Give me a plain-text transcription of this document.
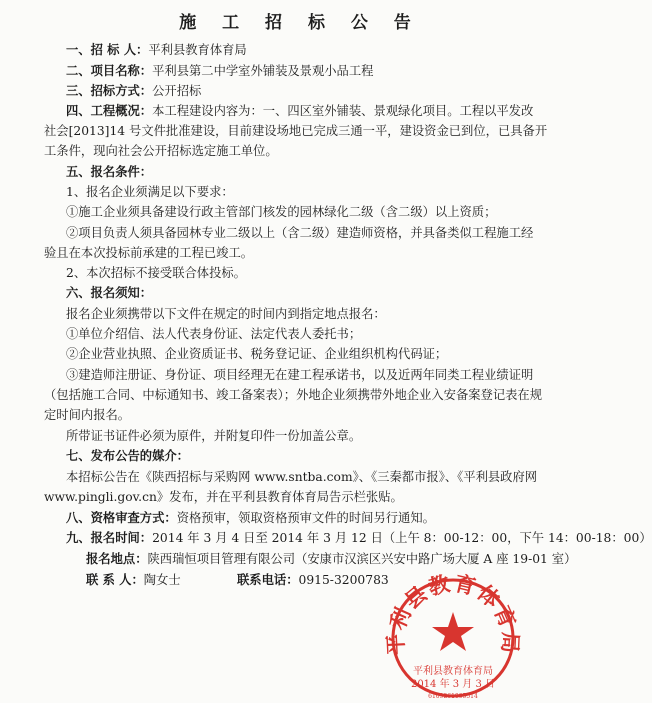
施 工 招 标 公 告
一、招 标 人：平利县教育体育局
二、项目名称：平利县第二中学室外铺装及景观小品工程
三、招标方式：公开招标
四、工程概况：本工程建设内容为：一、四区室外铺装、景观绿化项目。工程以平发改
社会[2013]14 号文件批准建设，目前建设场地已完成三通一平，建设资金已到位，已具备开
工条件，现向社会公开招标选定施工单位。
五、报名条件：
1、报名企业须满足以下要求：
①施工企业须具备建设行政主管部门核发的园林绿化二级（含二级）以上资质；
②项目负责人须具备园林专业二级以上（含二级）建造师资格，并具备类似工程施工经
验且在本次投标前承建的工程已竣工。
2、本次招标不接受联合体投标。
六、报名须知：
报名企业须携带以下文件在规定的时间内到指定地点报名：
①单位介绍信、法人代表身份证、法定代表人委托书；
②企业营业执照、企业资质证书、税务登记证、企业组织机构代码证；
③建造师注册证、身份证、项目经理无在建工程承诺书，以及近两年同类工程业绩证明
（包括施工合同、中标通知书、竣工备案表）；外地企业须携带外地企业入安备案登记表在规
定时间内报名。
所带证书证件必须为原件，并附复印件一份加盖公章。
七、发布公告的媒介：
本招标公告在《陕西招标与采购网 www.sntba.com》、《三秦都市报》、《平利县政府网
www.pingli.gov.cn》发布，并在平利县教育体育局告示栏张贴。
八、资格审查方式：资格预审，领取资格预审文件的时间另行通知。
九、报名时间：2014 年 3 月 4 日至 2014 年 3 月 12 日（上午 8：00-12：00，下午 14：00-18：00）
报名地点：陕西瑞恒项目管理有限公司（安康市汉滨区兴安中路广场大厦 A 座 19-01 室）
联 系 人：陶女士	联系电话：0915-3200783
平利县教育体育局
平利县教育体育局
2014 年 3 月 3 日
6109261005514
